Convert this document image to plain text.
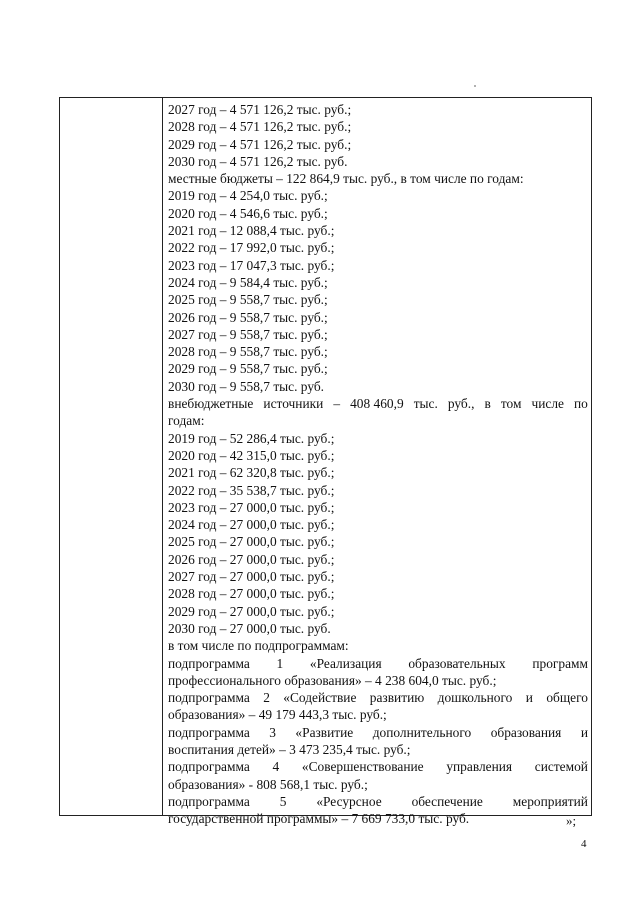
2027 год – 4 571 126,2 тыс. руб.;
2028 год – 4 571 126,2 тыс. руб.;
2029 год – 4 571 126,2 тыс. руб.;
2030 год – 4 571 126,2 тыс. руб.
местные бюджеты – 122 864,9 тыс. руб., в том числе по годам:
2019 год – 4 254,0 тыс. руб.;
2020 год – 4 546,6 тыс. руб.;
2021 год – 12 088,4 тыс. руб.;
2022 год – 17 992,0 тыс. руб.;
2023 год – 17 047,3 тыс. руб.;
2024 год – 9 584,4 тыс. руб.;
2025 год – 9 558,7 тыс. руб.;
2026 год – 9 558,7 тыс. руб.;
2027 год – 9 558,7 тыс. руб.;
2028 год – 9 558,7 тыс. руб.;
2029 год – 9 558,7 тыс. руб.;
2030 год – 9 558,7 тыс. руб.
внебюджетные источники – 408 460,9 тыс. руб., в том числе по
годам:
2019 год – 52 286,4 тыс. руб.;
2020 год – 42 315,0 тыс. руб.;
2021 год – 62 320,8 тыс. руб.;
2022 год – 35 538,7 тыс. руб.;
2023 год – 27 000,0 тыс. руб.;
2024 год – 27 000,0 тыс. руб.;
2025 год – 27 000,0 тыс. руб.;
2026 год – 27 000,0 тыс. руб.;
2027 год – 27 000,0 тыс. руб.;
2028 год – 27 000,0 тыс. руб.;
2029 год – 27 000,0 тыс. руб.;
2030 год – 27 000,0 тыс. руб.
в том числе по подпрограммам:
подпрограмма 1 «Реализация образовательных программ
профессионального образования» – 4 238 604,0 тыс. руб.;
подпрограмма 2 «Содействие развитию дошкольного и общего
образования» – 49 179 443,3 тыс. руб.;
подпрограмма 3 «Развитие дополнительного образования и
воспитания детей» – 3 473 235,4 тыс. руб.;
подпрограмма 4 «Совершенствование управления системой
образования» - 808 568,1 тыс. руб.;
подпрограмма 5 «Ресурсное обеспечение мероприятий
государственной программы» – 7 669 733,0 тыс. руб.	»;
4
